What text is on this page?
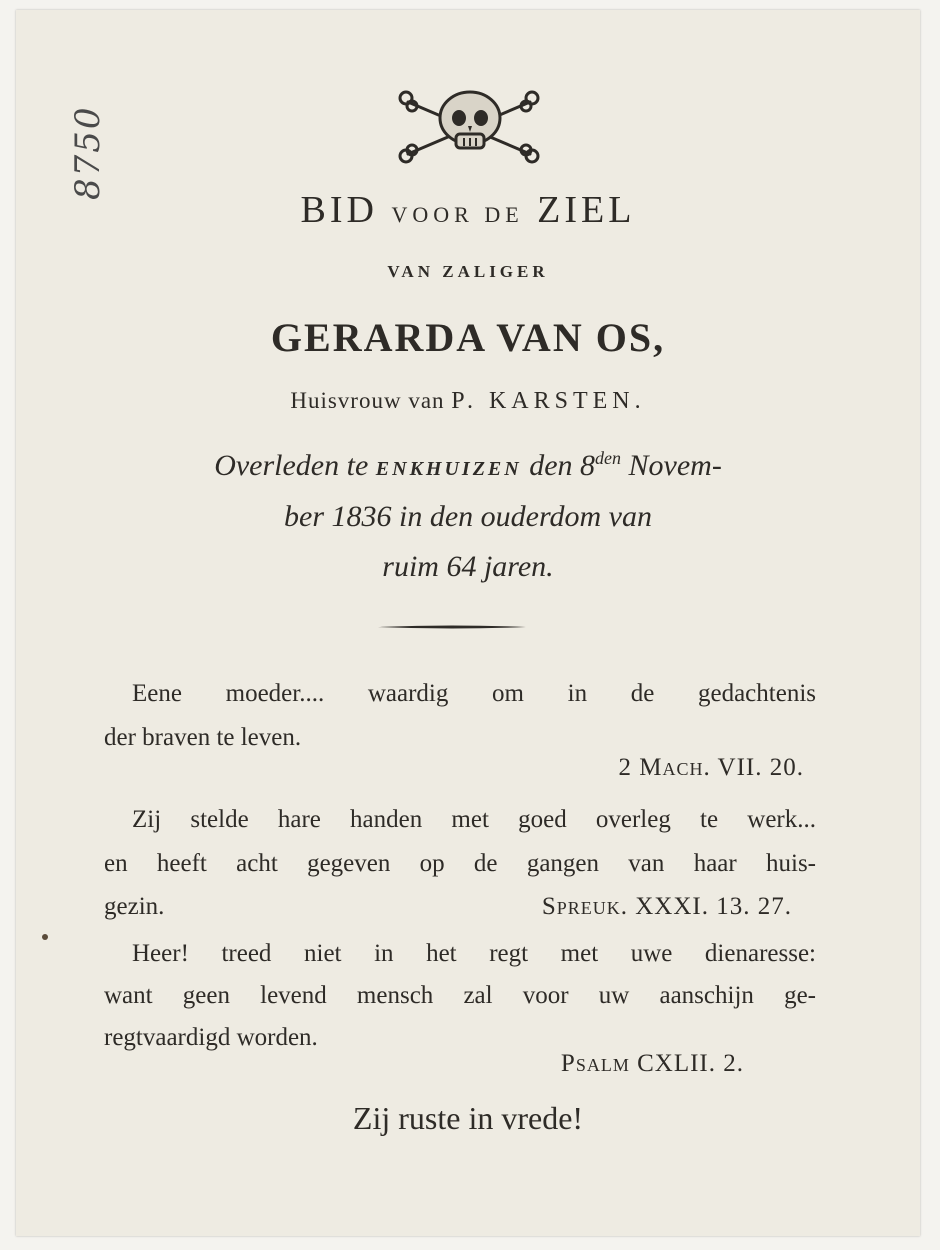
8750
BID VOOR DE ZIEL
VAN ZALIGER
GERARDA VAN OS,
Huisvrouw van P. KARSTEN.
Overleden te ENKHUIZEN den $8^{den}$ Novem-
ber 1836 in den ouderdom van
ruim 64 jaren.
Eene moeder.... waardig om in de gedachtenis
der braven te leven.
2 Mach. VII. 20.
Zij stelde hare handen met goed overleg te werk...
en heeft acht gegeven op de gangen van haar huis-
gezin.	Spreuk. XXXI. 13. 27.
Heer! treed niet in het regt met uwe dienaresse:
want geen levend mensch zal voor uw aanschijn ge-
regtvaardigd worden.
Psalm CXLII. 2.
Zij ruste in vrede!
